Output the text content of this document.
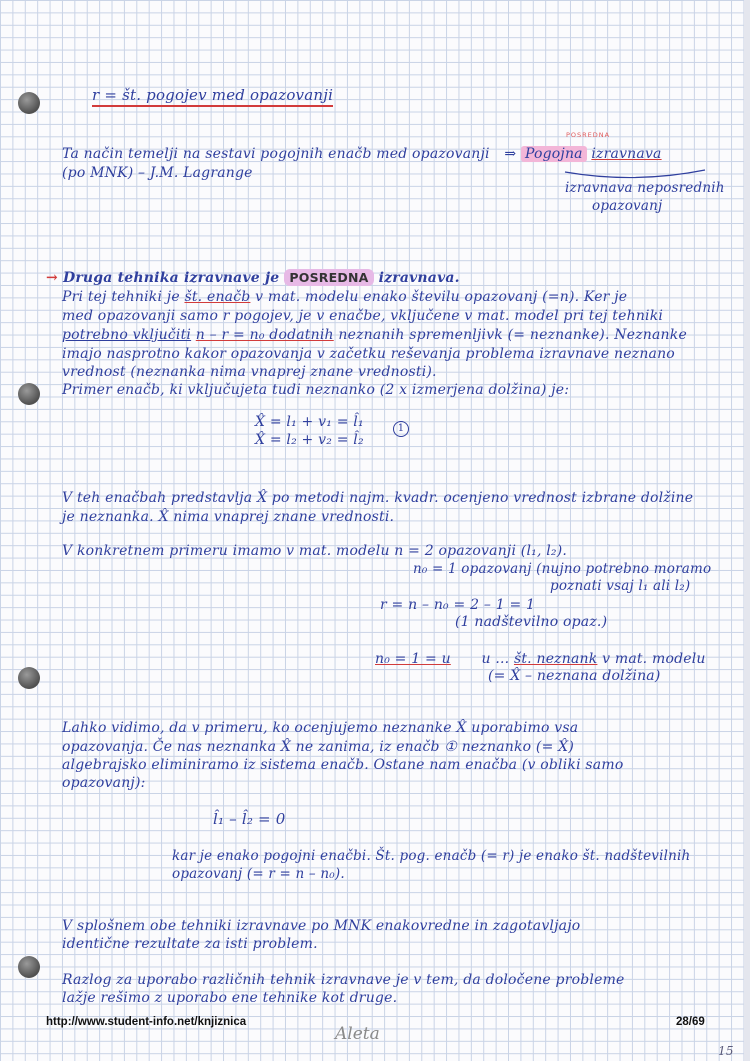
r = št. pogojev med opazovanji
Ta način temelji na sestavi pogojnih enačb med opazovanji ⇒ Pogojna izravnava
POSREDNA
(po MNK) – J.M. Lagrange
izravnava neposrednih
opazovanj
→ Druga tehnika izravnave je POSREDNA izravnava.
Pri tej tehniki je št. enačb v mat. modelu enako številu opazovanj (=n). Ker je
med opazovanji samo r pogojev, je v enačbe, vključene v mat. model pri tej tehniki
potrebno vključiti n – r = n₀ dodatnih neznanih spremenljivk (= neznanke). Neznanke
imajo nasprotno kakor opazovanja v začetku reševanja problema izravnave neznano
vrednost (neznanka nima vnaprej znane vrednosti).
Primer enačb, ki vključujeta tudi neznanko (2 x izmerjena dolžina) je:
X̂ = l₁ + v₁ = l̂₁
X̂ = l₂ + v₂ = l̂₂
1
V teh enačbah predstavlja X̂ po metodi najm. kvadr. ocenjeno vrednost izbrane dolžine
je neznanka. X̂ nima vnaprej znane vrednosti.
V konkretnem primeru imamo v mat. modelu n = 2 opazovanji (l₁, l₂).
n₀ = 1 opazovanj (nujno potrebno moramo
poznati vsaj l₁ ali l₂)
r = n – n₀ = 2 – 1 = 1
(1 nadštevilno opaz.)
n₀ = 1 = u u ... št. neznank v mat. modelu
(= X̂ – neznana dolžina)
Lahko vidimo, da v primeru, ko ocenjujemo neznanke X̂ uporabimo vsa
opazovanja. Če nas neznanka X̂ ne zanima, iz enačb ① neznanko (= X̂)
algebrajsko eliminiramo iz sistema enačb. Ostane nam enačba (v obliki samo
opazovanj):
l̂₁ – l̂₂ = 0
kar je enako pogojni enačbi. Št. pog. enačb (= r) je enako št. nadštevilnih
opazovanj (= r = n – n₀).
V splošnem obe tehniki izravnave po MNK enakovredne in zagotavljajo
identične rezultate za isti problem.
Razlog za uporabo različnih tehnik izravnave je v tem, da določene probleme
lažje rešimo z uporabo ene tehnike kot druge.
http://www.student-info.net/knjiznica	28/69
Aleta
15
